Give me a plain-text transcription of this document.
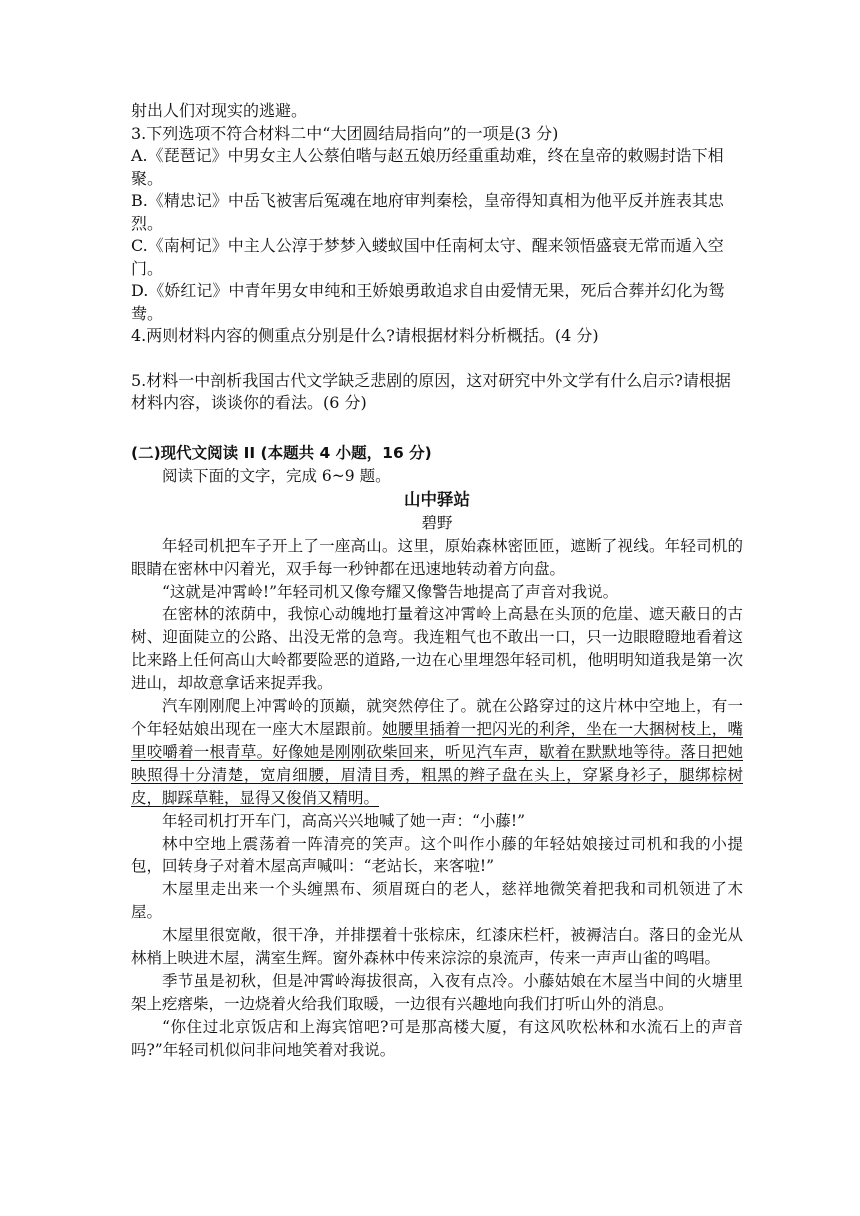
射出人们对现实的逃避。

3.下列选项不符合材料二中“大团圆结局指向”的一项是(3 分)

A.《琵琶记》中男女主人公蔡伯喈与赵五娘历经重重劫难，终在皇帝的敕赐封诰下相聚。

B.《精忠记》中岳飞被害后冤魂在地府审判秦桧，皇帝得知真相为他平反并旌表其忠烈。

C.《南柯记》中主人公淳于梦梦入蝼蚁国中任南柯太守、醒来领悟盛衰无常而遁入空门。

D.《娇红记》中青年男女申纯和王娇娘勇敢追求自由爱情无果，死后合葬并幻化为鸳鸯。

4.两则材料内容的侧重点分别是什么?请根据材料分析概括。(4 分)

5.材料一中剖析我国古代文学缺乏悲剧的原因，这对研究中外文学有什么启示?请根据材料内容，谈谈你的看法。(6 分)

(二)现代文阅读 II (本题共 4 小题，16 分)

阅读下面的文字，完成 6~9 题。

山中驿站

碧野

年轻司机把车子开上了一座高山。这里，原始森林密匝匝，遮断了视线。年轻司机的眼睛在密林中闪着光，双手每一秒钟都在迅速地转动着方向盘。

“这就是冲霄岭!”年轻司机又像夸耀又像警告地提高了声音对我说。

在密林的浓荫中，我惊心动魄地打量着这冲霄岭上高悬在头顶的危崖、遮天蔽日的古树、迎面陡立的公路、出没无常的急弯。我连粗气也不敢出一口，只一边眼瞪瞪地看着这比来路上任何高山大岭都要险恶的道路,一边在心里埋怨年轻司机，他明明知道我是第一次进山，却故意拿话来捉弄我。

汽车刚刚爬上冲霄岭的顶巅，就突然停住了。就在公路穿过的这片林中空地上，有一个年轻姑娘出现在一座大木屋跟前。她腰里插着一把闪光的利斧，坐在一大捆树枝上，嘴里咬嚼着一根青草。好像她是刚刚砍柴回来，听见汽车声，歇着在默默地等待。落日把她映照得十分清楚，宽肩细腰，眉清目秀，粗黑的辫子盘在头上，穿紧身衫子，腿绑棕树皮，脚踩草鞋，显得又俊俏又精明。

年轻司机打开车门，高高兴兴地喊了她一声：“小藤!”

林中空地上震荡着一阵清亮的笑声。这个叫作小藤的年轻姑娘接过司机和我的小提包，回转身子对着木屋高声喊叫：“老站长，来客啦!”

木屋里走出来一个头缠黑布、须眉斑白的老人，慈祥地微笑着把我和司机领进了木屋。

木屋里很宽敞，很干净，并排摆着十张棕床，红漆床栏杆，被褥洁白。落日的金光从林梢上映进木屋，满室生辉。窗外森林中传来淙淙的泉流声，传来一声声山雀的鸣唱。

季节虽是初秋，但是冲霄岭海拔很高，入夜有点冷。小藤姑娘在木屋当中间的火塘里架上疙瘩柴，一边烧着火给我们取暖，一边很有兴趣地向我们打听山外的消息。

“你住过北京饭店和上海宾馆吧?可是那高楼大厦，有这风吹松林和水流石上的声音吗?”年轻司机似问非问地笑着对我说。
